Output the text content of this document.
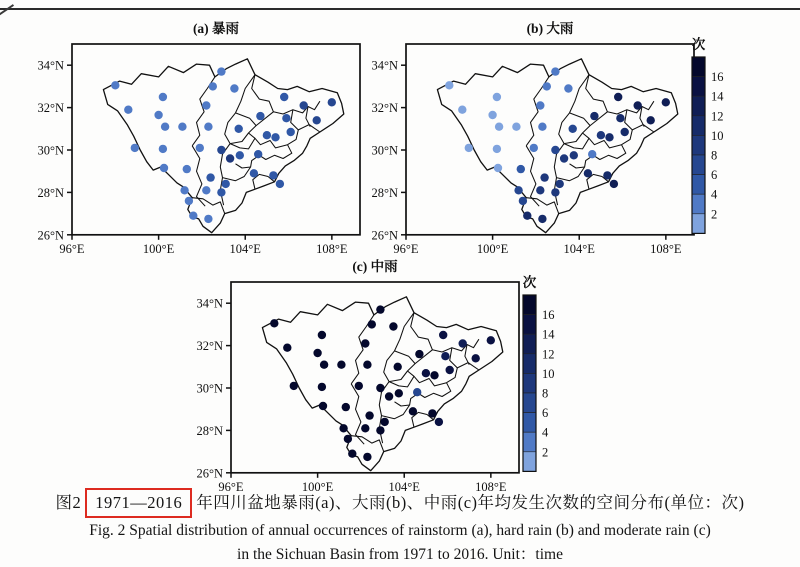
(a) 暴雨
34°N
32°N
30°N
28°N
26°N
96°E	100°E	104°E	108°E
(b) 大雨
34°N
32°N
30°N
28°N
26°N
96°E	100°E	104°E	108°E
次
16
14
12
10
8
6
4
2
(c) 中雨
34°N
32°N
30°N
28°N
26°N
96°E	100°E	104°E	108°E
次
16
14
12
10
8
6
4
2
图2 1971—2016 年四川盆地暴雨(a)、大雨(b)、中雨(c)年均发生次数的空间分布(单位：次)
Fig. 2 Spatial distribution of annual occurrences of rainstorm (a), hard rain (b) and moderate rain (c)
in the Sichuan Basin from 1971 to 2016. Unit：time
